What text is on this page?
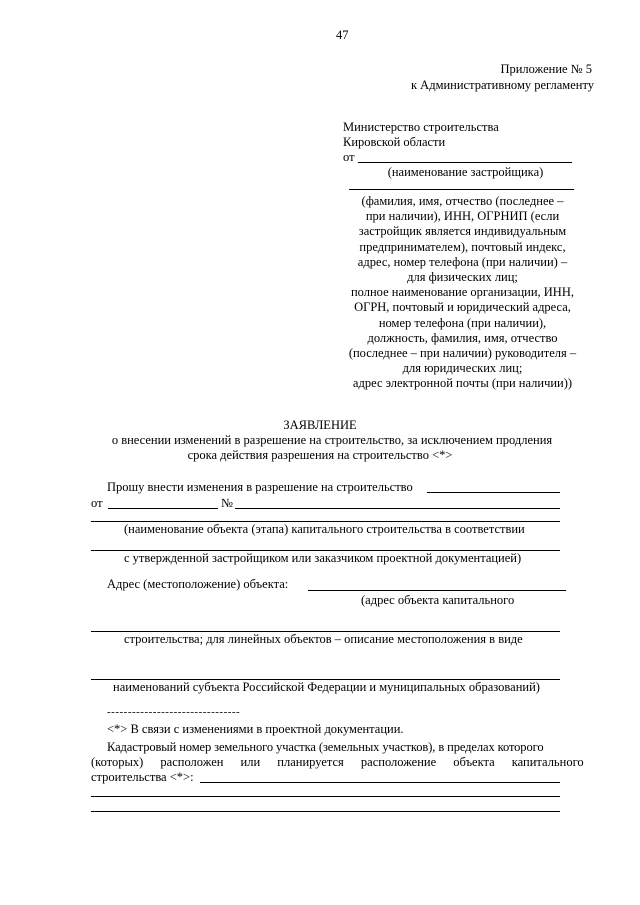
47
Приложение № 5
к Административному регламенту
Министерство строительства
Кировской области
от
(наименование застройщика)
(фамилия, имя, отчество (последнее –
при наличии), ИНН, ОГРНИП (если
застройщик является индивидуальным
предпринимателем), почтовый индекс,
адрес, номер телефона (при наличии) –
для физических лиц;
полное наименование организации, ИНН,
ОГРН, почтовый и юридический адреса,
номер телефона (при наличии),
должность, фамилия, имя, отчество
(последнее – при наличии) руководителя –
для юридических лиц;
адрес электронной почты (при наличии))
ЗАЯВЛЕНИЕ
о внесении изменений в разрешение на строительство, за исключением продления
срока действия разрешения на строительство <*>
Прошу внести изменения в разрешение на строительство
от	№
(наименование объекта (этапа) капитального строительства в соответствии
с утвержденной застройщиком или заказчиком проектной документацией)
Адрес (местоположение) объекта:
(адрес объекта капитального
строительства; для линейных объектов – описание местоположения в виде
наименований субъекта Российской Федерации и муниципальных образований)
--------------------------------
<*> В связи с изменениями в проектной документации.
Кадастровый номер земельного участка (земельных участков), в пределах которого
(которых) расположен или планируется расположение объекта капитального
строительства <*>:
